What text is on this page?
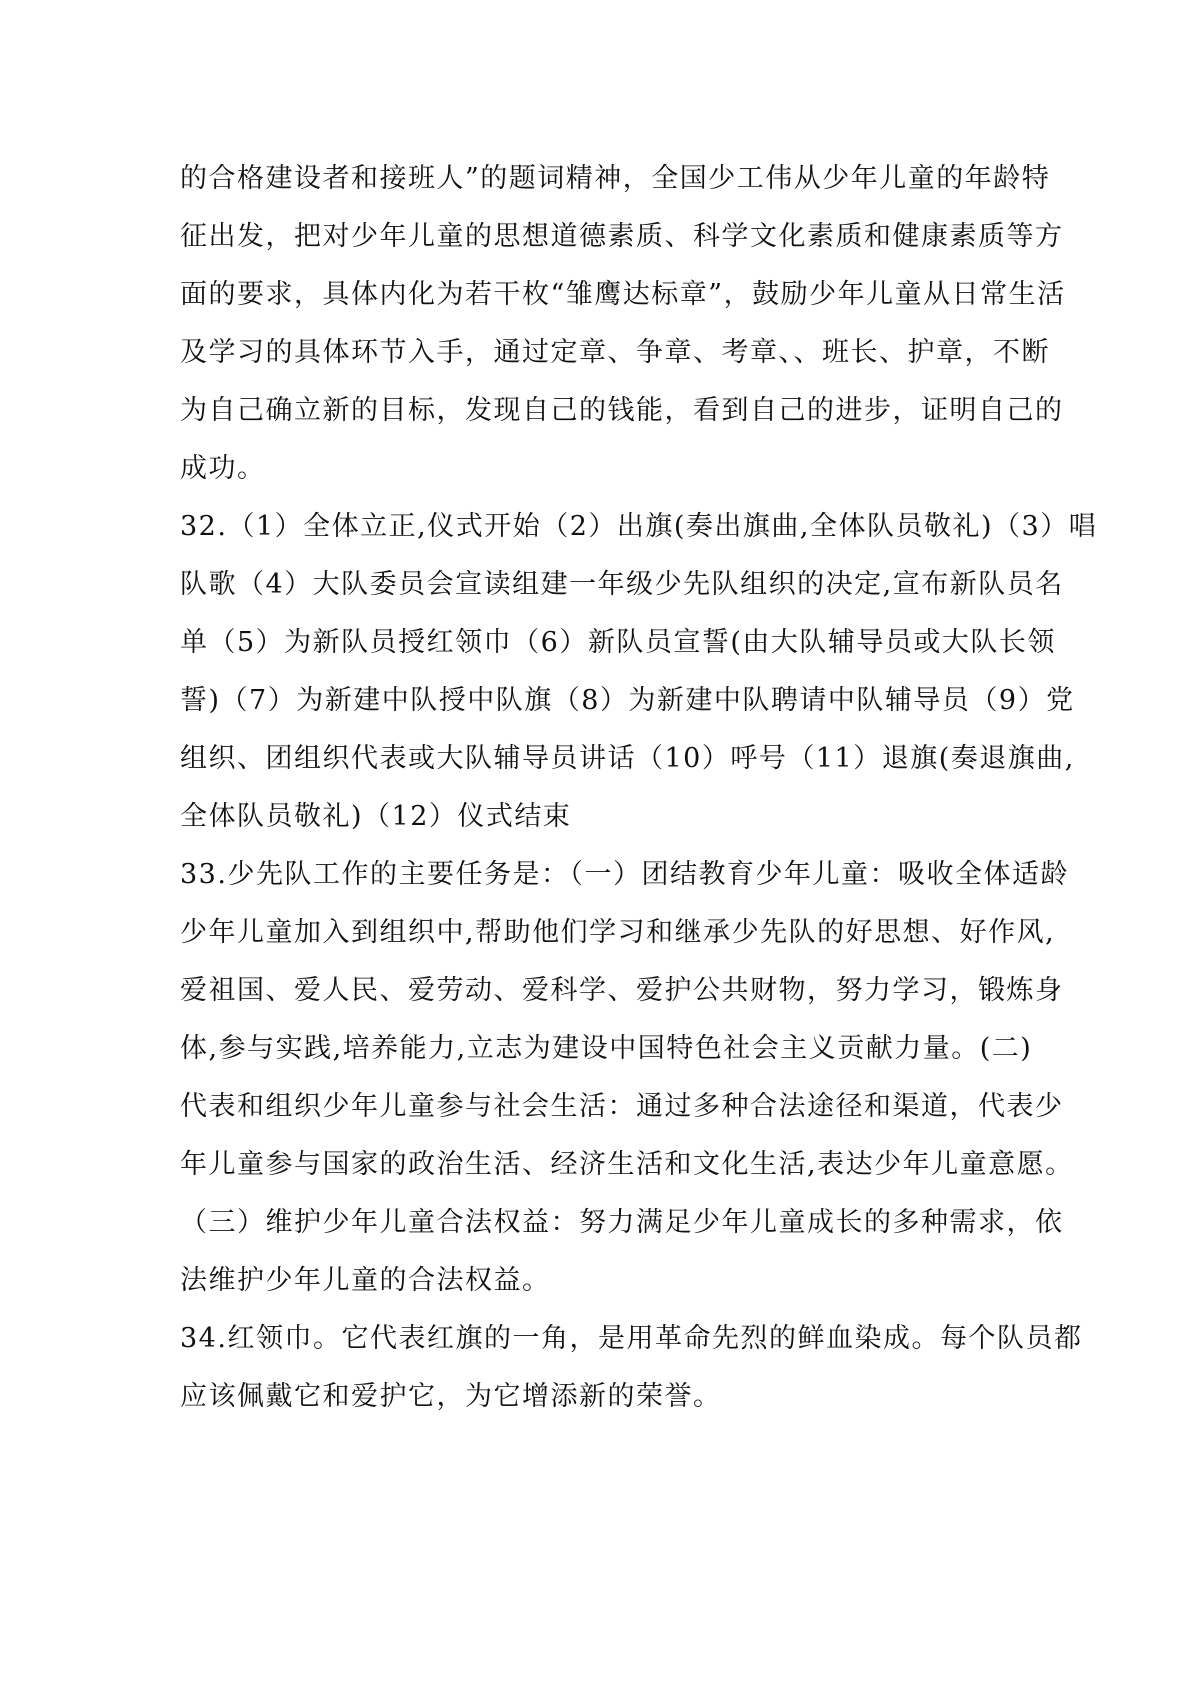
的合格建设者和接班人”的题词精神，全国少工伟从少年儿童的年龄特
征出发，把对少年儿童的思想道德素质、科学文化素质和健康素质等方
面的要求，具体内化为若干枚“雏鹰达标章”，鼓励少年儿童从日常生活
及学习的具体环节入手，通过定章、争章、考章、、班长、护章，不断
为自己确立新的目标，发现自己的钱能，看到自己的进步，证明自己的
成功。
32.（1）全体立正,仪式开始（2）出旗(奏出旗曲,全体队员敬礼)（3）唱
队歌（4）大队委员会宣读组建一年级少先队组织的决定,宣布新队员名
单（5）为新队员授红领巾（6）新队员宣誓(由大队辅导员或大队长领
誓)（7）为新建中队授中队旗（8）为新建中队聘请中队辅导员（9）党
组织、团组织代表或大队辅导员讲话（10）呼号（11）退旗(奏退旗曲,
全体队员敬礼)（12）仪式结束
33.少先队工作的主要任务是：（一）团结教育少年儿童：吸收全体适龄
少年儿童加入到组织中,帮助他们学习和继承少先队的好思想、好作风,
爱祖国、爱人民、爱劳动、爱科学、爱护公共财物，努力学习，锻炼身
体,参与实践,培养能力,立志为建设中国特色社会主义贡献力量。(二)
代表和组织少年儿童参与社会生活：通过多种合法途径和渠道，代表少
年儿童参与国家的政治生活、经济生活和文化生活,表达少年儿童意愿。
（三）维护少年儿童合法权益：努力满足少年儿童成长的多种需求，依
法维护少年儿童的合法权益。
34.红领巾。它代表红旗的一角，是用革命先烈的鲜血染成。每个队员都
应该佩戴它和爱护它，为它增添新的荣誉。
